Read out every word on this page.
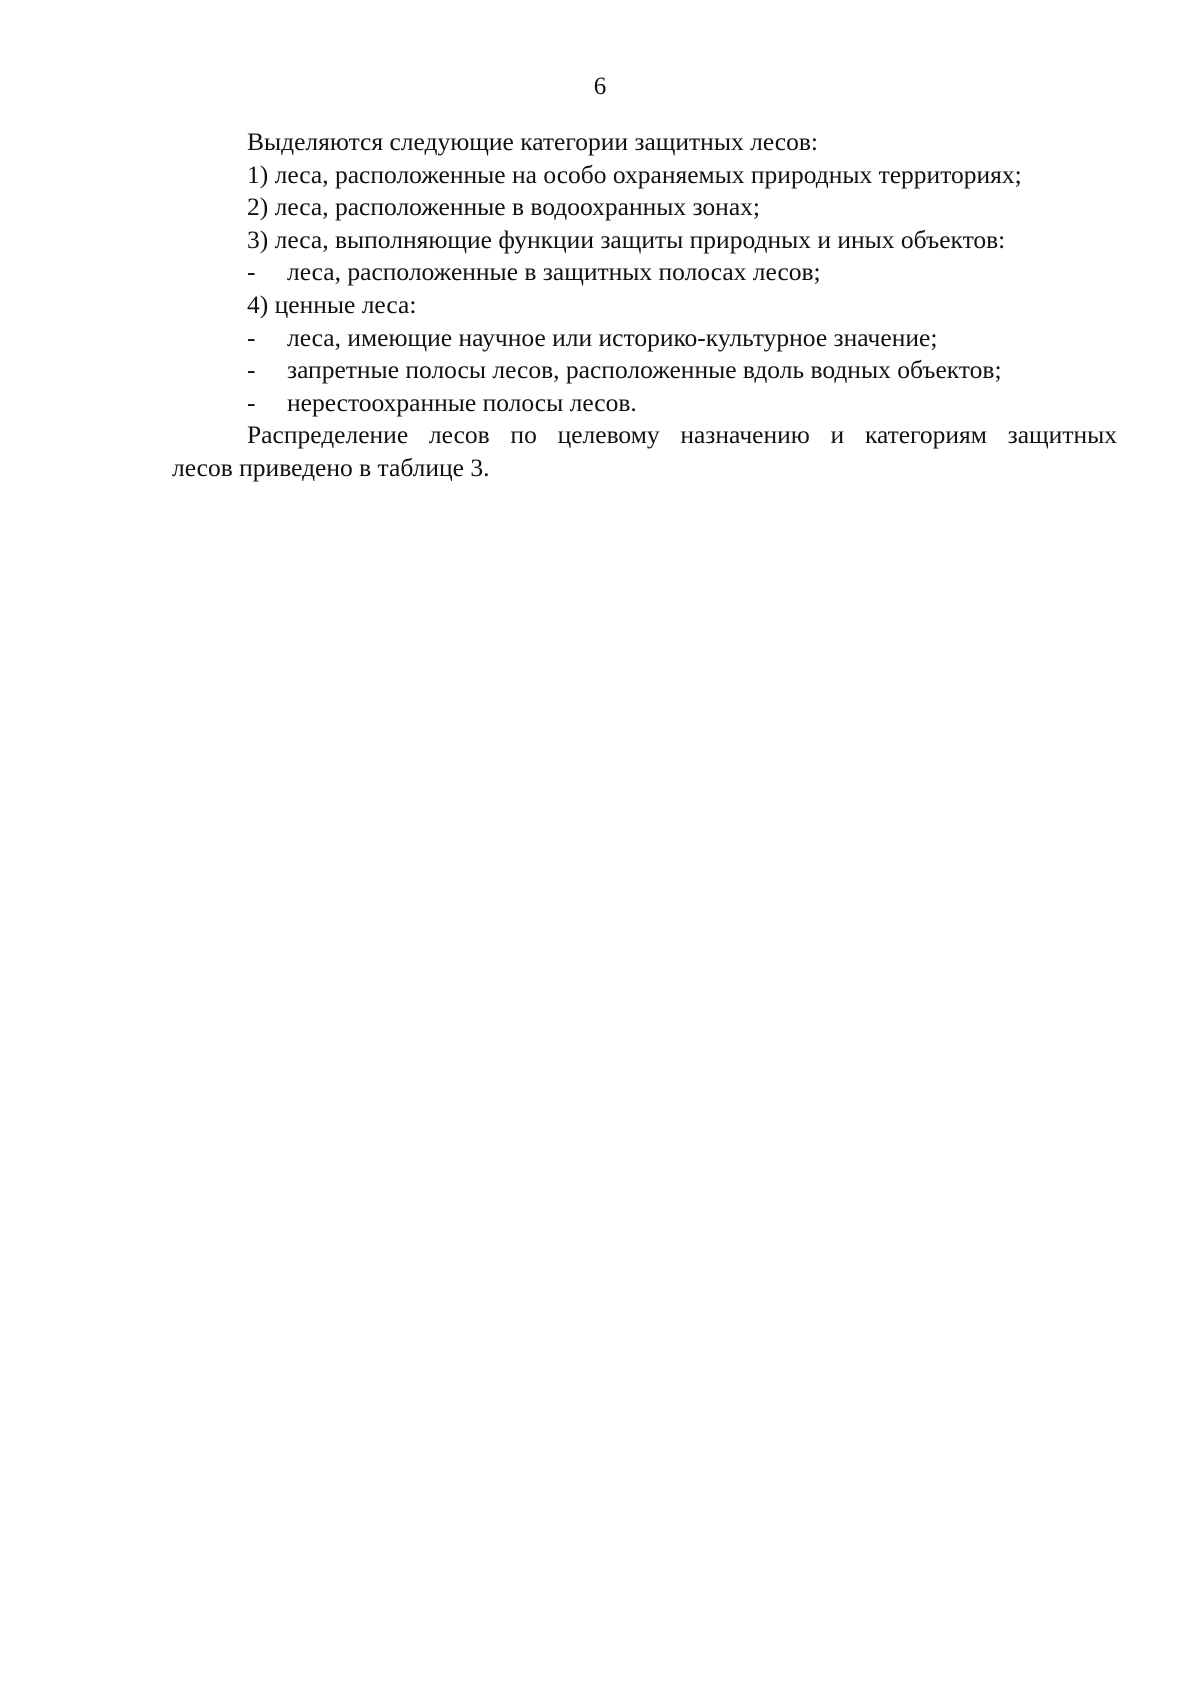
6
Выделяются следующие категории защитных лесов:
1) леса, расположенные на особо охраняемых природных территориях;
2) леса, расположенные в водоохранных зонах;
3) леса, выполняющие функции защиты природных и иных объектов:
-	леса, расположенные в защитных полосах лесов;
4) ценные леса:
-	леса, имеющие научное или историко-культурное значение;
-	запретные полосы лесов, расположенные вдоль водных объектов;
-	нерестоохранные полосы лесов.
Распределение лесов по целевому назначению и категориям защитных
лесов приведено в таблице 3.
